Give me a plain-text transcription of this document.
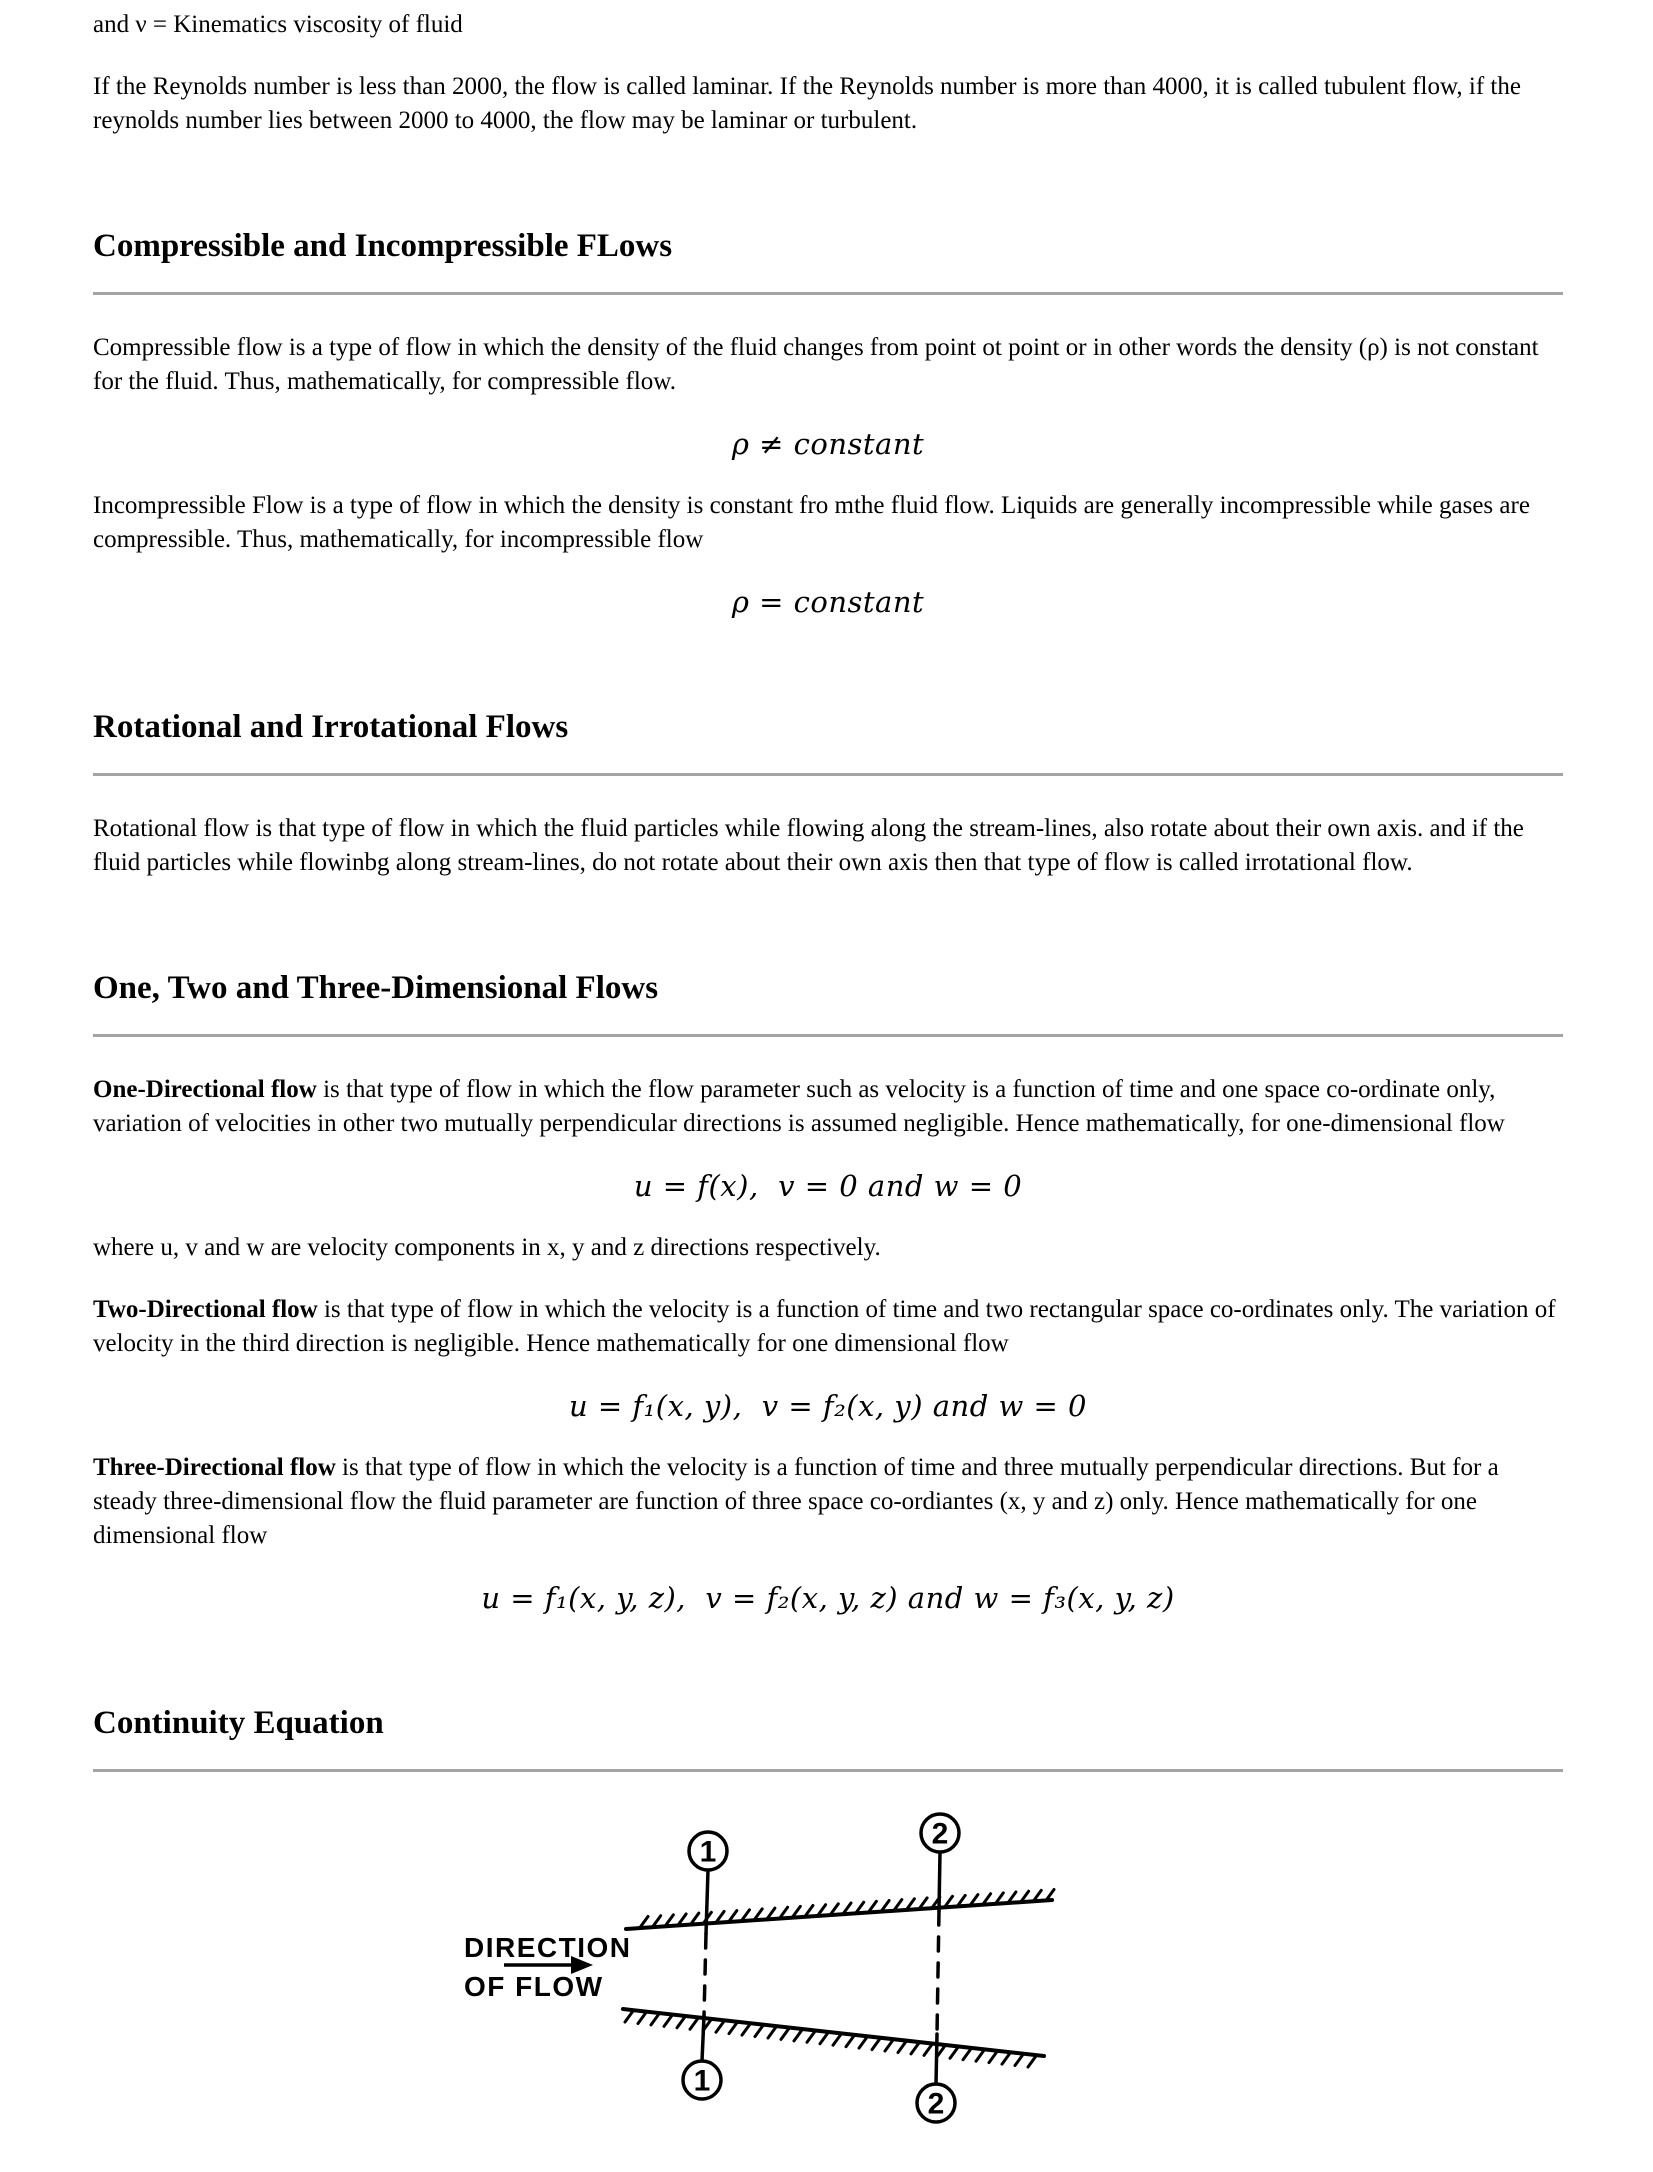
and ν = Kinematics viscosity of fluid

If the Reynolds number is less than 2000, the flow is called laminar. If the Reynolds number is more than 4000, it is called tubulent flow, if the reynolds number lies between 2000 to 4000, the flow may be laminar or turbulent.

Compressible and Incompressible FLows

Compressible flow is a type of flow in which the density of the fluid changes from point ot point or in other words the density (ρ) is not constant for the fluid. Thus, mathematically, for compressible flow.

ρ ≠ constant

Incompressible Flow is a type of flow in which the density is constant fro mthe fluid flow. Liquids are generally incompressible while gases are compressible. Thus, mathematically, for incompressible flow

ρ = constant

Rotational and Irrotational Flows

Rotational flow is that type of flow in which the fluid particles while flowing along the stream-lines, also rotate about their own axis. and if the fluid particles while flowinbg along stream-lines, do not rotate about their own axis then that type of flow is called irrotational flow.

One, Two and Three-Dimensional Flows

One-Directional flow is that type of flow in which the flow parameter such as velocity is a function of time and one space co-ordinate only, variation of velocities in other two mutually perpendicular directions is assumed negligible. Hence mathematically, for one-dimensional flow

u = f(x),  v = 0 and w = 0

where u, v and w are velocity components in x, y and z directions respectively.

Two-Directional flow is that type of flow in which the velocity is a function of time and two rectangular space co-ordinates only. The variation of velocity in the third direction is negligible. Hence mathematically for one dimensional flow

u = f₁(x, y),  v = f₂(x, y) and w = 0

Three-Directional flow is that type of flow in which the velocity is a function of time and three mutually perpendicular directions. But for a steady three-dimensional flow the fluid parameter are function of three space co-ordiantes (x, y and z) only. Hence mathematically for one dimensional flow

u = f₁(x, y, z),  v = f₂(x, y, z) and w = f₃(x, y, z)

Continuity Equation
DIRECTION
OF FLOW
1
2
1
2
